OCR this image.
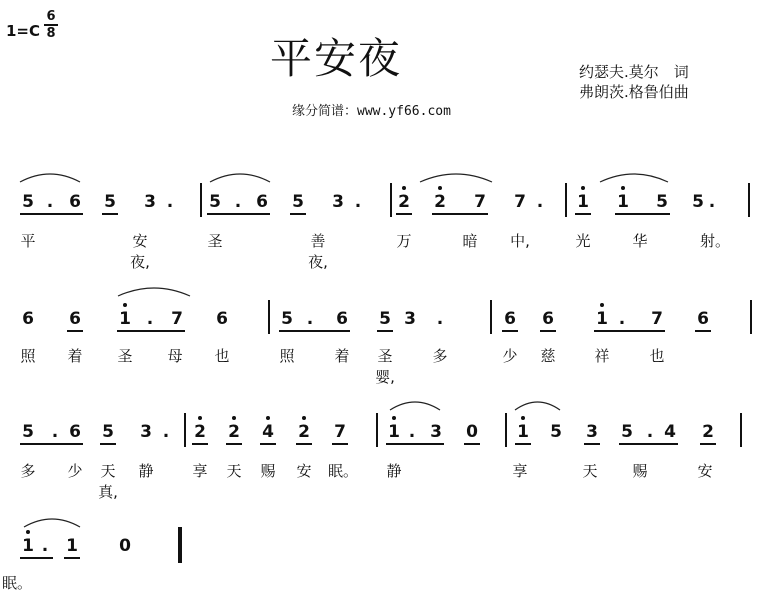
1=C
6
8
平安夜
缘分简谱：www.yf66.com
约瑟夫.莫尔　词
弗朗茨.格鲁伯曲
5 . 6 5 3 .	5 . 6 5 3 .	2 2 7 7 .	1 1 5 5 .
平	安夜,
圣	善夜,
万	暗	中,	光	华	射。
6 6 1 .	7 6	5 .	6 5 3	.	6 6 1 .	7 6
照	着	圣	母	也	照	着	圣婴,
多	少	慈	祥	也
5	. 6 5 3 .	2 2 4 2 7 1 . 3 0 1 5 3 5 . 4 2
多	少	天真,
静	享	天	赐	安	眠。 静	享	天	赐	安
1 .	1 0
眠。
